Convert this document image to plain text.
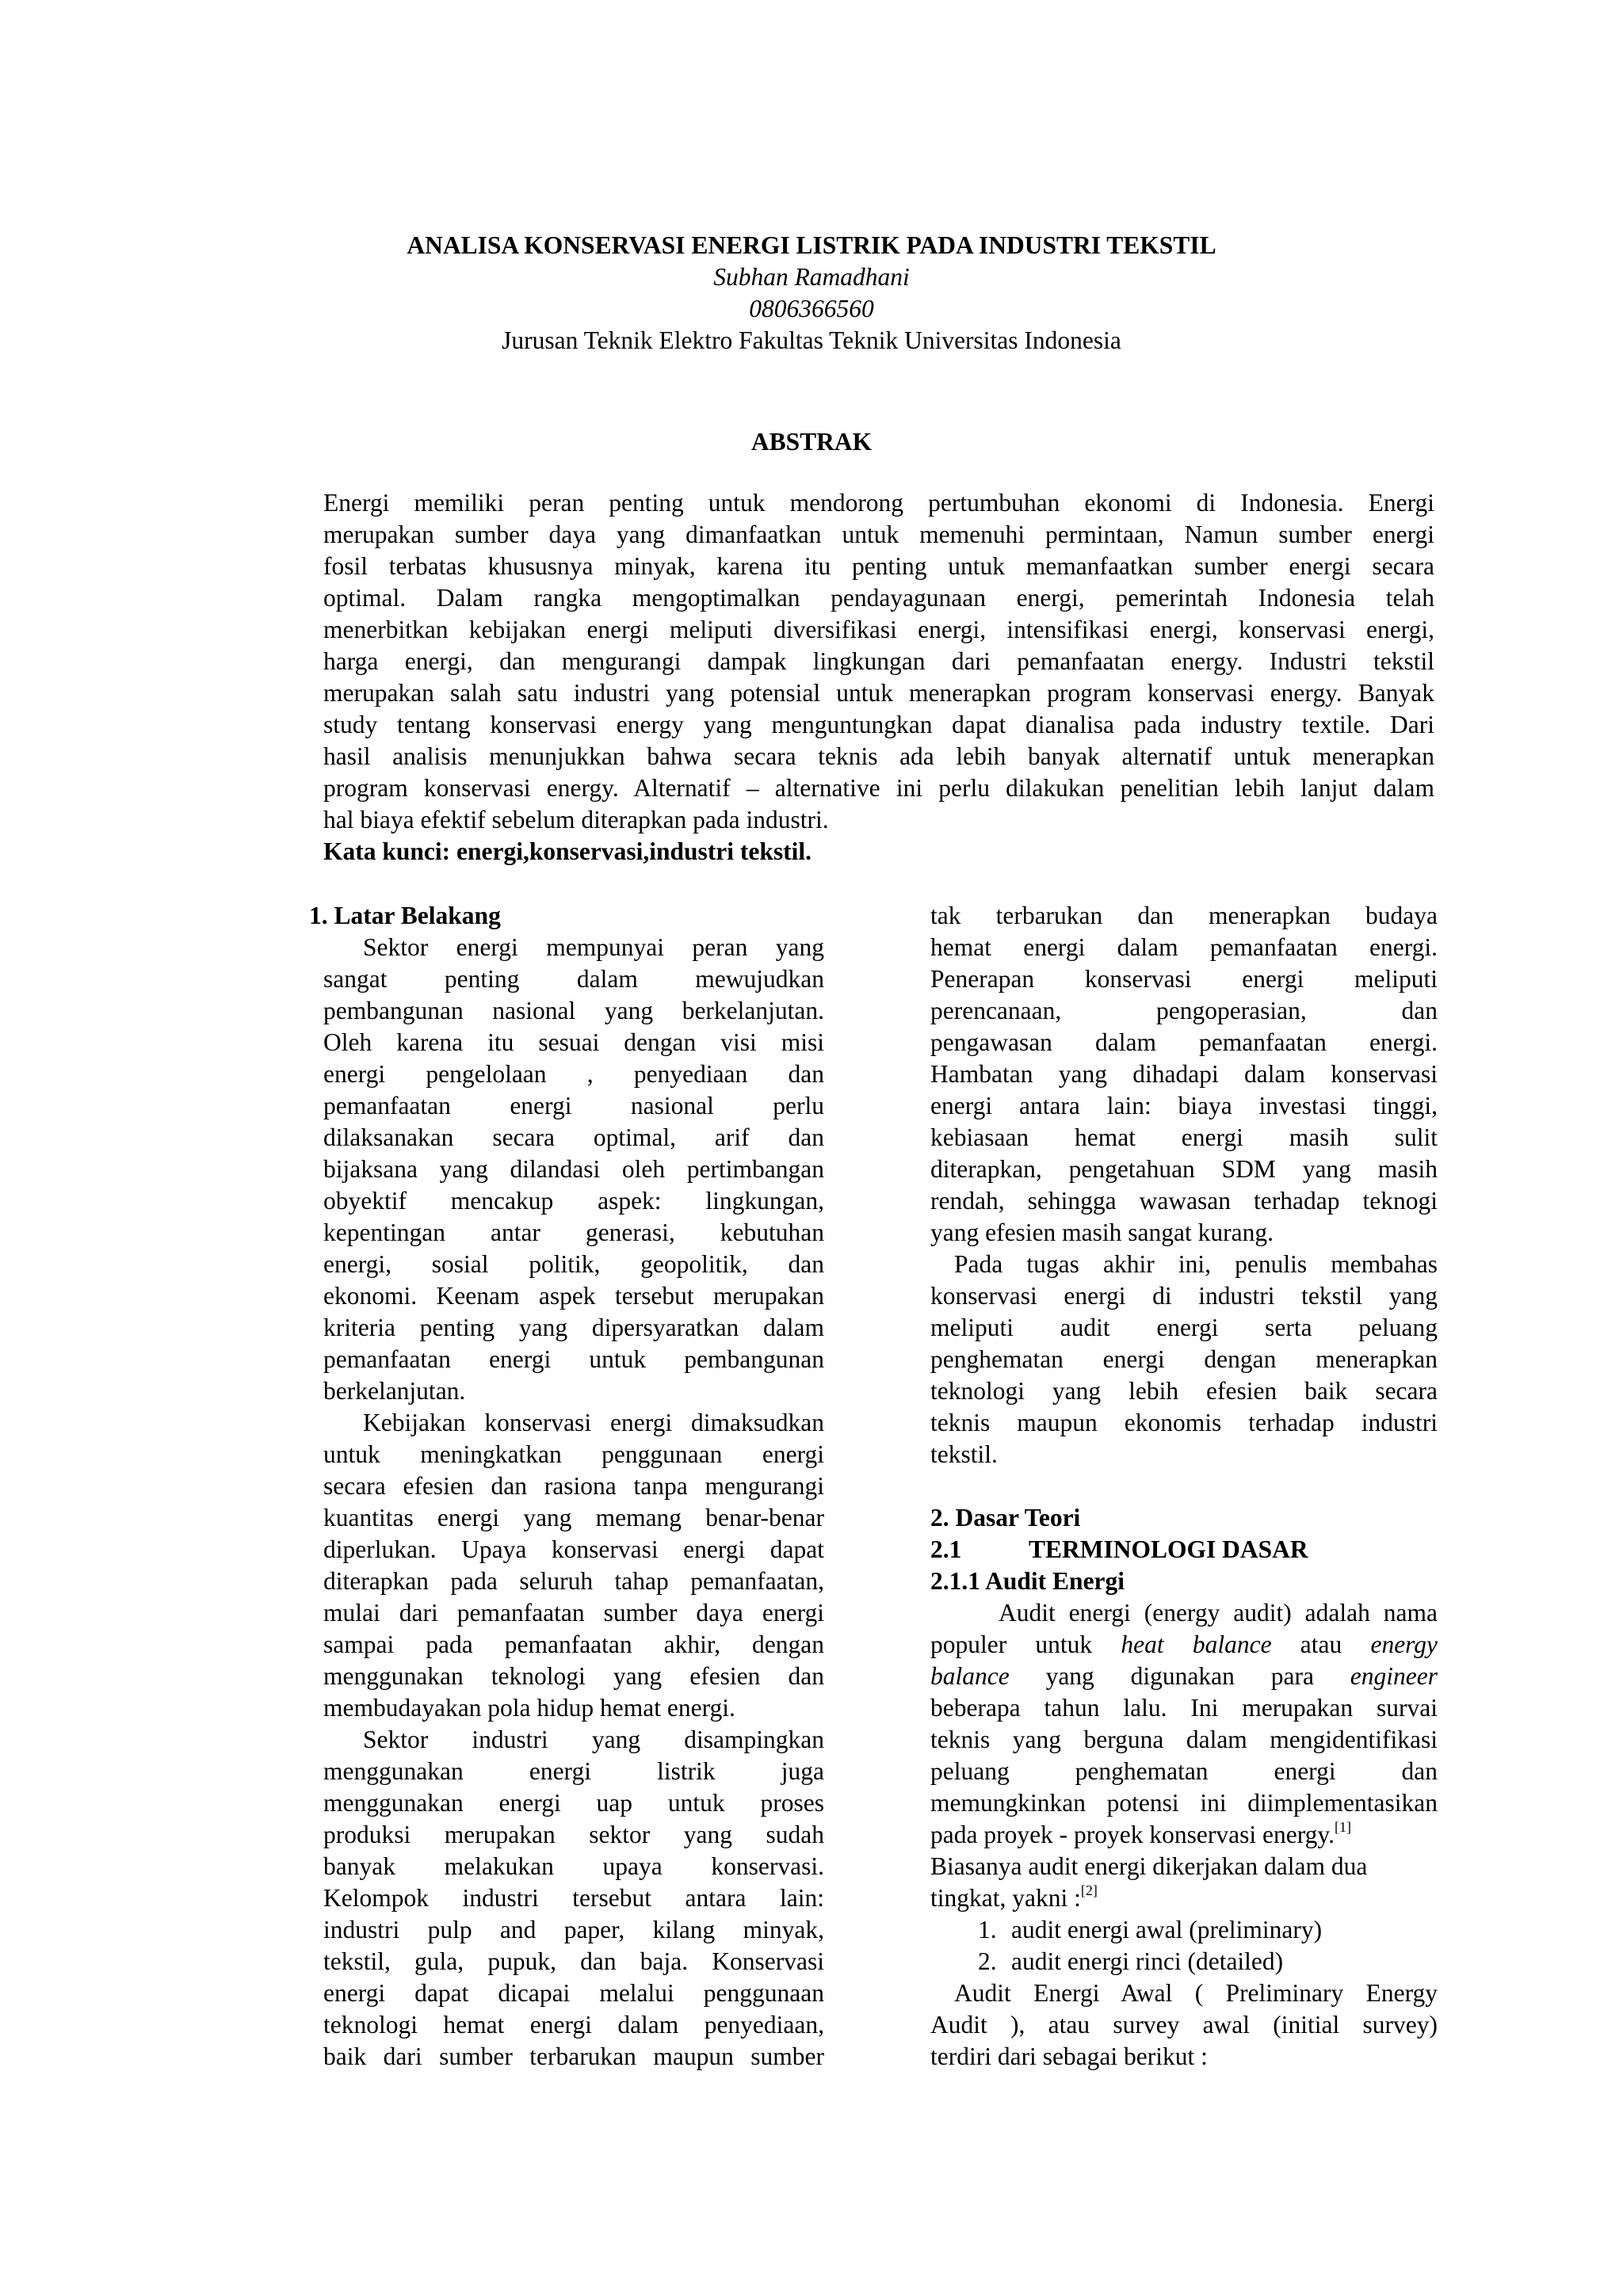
ANALISA KONSERVASI ENERGI LISTRIK PADA INDUSTRI TEKSTIL
Subhan Ramadhani
0806366560
Jurusan Teknik Elektro Fakultas Teknik Universitas Indonesia
ABSTRAK
Energi memiliki peran penting untuk mendorong pertumbuhan ekonomi di Indonesia. Energi
merupakan sumber daya yang dimanfaatkan untuk memenuhi permintaan, Namun sumber energi
fosil terbatas khususnya minyak, karena itu penting untuk memanfaatkan sumber energi secara
optimal. Dalam rangka mengoptimalkan pendayagunaan energi, pemerintah Indonesia telah
menerbitkan kebijakan energi meliputi diversifikasi energi, intensifikasi energi, konservasi energi,
harga energi, dan mengurangi dampak lingkungan dari pemanfaatan energy. Industri tekstil
merupakan salah satu industri yang potensial untuk menerapkan program konservasi energy. Banyak
study tentang konservasi energy yang menguntungkan dapat dianalisa pada industry textile. Dari
hasil analisis menunjukkan bahwa secara teknis ada lebih banyak alternatif untuk menerapkan
program konservasi energy. Alternatif – alternative ini perlu dilakukan penelitian lebih lanjut dalam
hal biaya efektif sebelum diterapkan pada industri.
Kata kunci: energi,konservasi,industri tekstil.
1. Latar Belakang
Sektor energi mempunyai peran yang
sangat penting dalam mewujudkan
pembangunan nasional yang berkelanjutan.
Oleh karena itu sesuai dengan visi misi
energi pengelolaan , penyediaan dan
pemanfaatan energi nasional perlu
dilaksanakan secara optimal, arif dan
bijaksana yang dilandasi oleh pertimbangan
obyektif mencakup aspek: lingkungan,
kepentingan antar generasi, kebutuhan
energi, sosial politik, geopolitik, dan
ekonomi. Keenam aspek tersebut merupakan
kriteria penting yang dipersyaratkan dalam
pemanfaatan energi untuk pembangunan
berkelanjutan.
Kebijakan konservasi energi dimaksudkan
untuk meningkatkan penggunaan energi
secara efesien dan rasiona tanpa mengurangi
kuantitas energi yang memang benar-benar
diperlukan. Upaya konservasi energi dapat
diterapkan pada seluruh tahap pemanfaatan,
mulai dari pemanfaatan sumber daya energi
sampai pada pemanfaatan akhir, dengan
menggunakan teknologi yang efesien dan
membudayakan pola hidup hemat energi.
Sektor industri yang disampingkan
menggunakan energi listrik juga
menggunakan energi uap untuk proses
produksi merupakan sektor yang sudah
banyak melakukan upaya konservasi.
Kelompok industri tersebut antara lain:
industri pulp and paper, kilang minyak,
tekstil, gula, pupuk, dan baja. Konservasi
energi dapat dicapai melalui penggunaan
teknologi hemat energi dalam penyediaan,
baik dari sumber terbarukan maupun sumber
tak terbarukan dan menerapkan budaya
hemat energi dalam pemanfaatan energi.
Penerapan konservasi energi meliputi
perencanaan, pengoperasian, dan
pengawasan dalam pemanfaatan energi.
Hambatan yang dihadapi dalam konservasi
energi antara lain: biaya investasi tinggi,
kebiasaan hemat energi masih sulit
diterapkan, pengetahuan SDM yang masih
rendah, sehingga wawasan terhadap teknogi
yang efesien masih sangat kurang.
Pada tugas akhir ini, penulis membahas
konservasi energi di industri tekstil yang
meliputi audit energi serta peluang
penghematan energi dengan menerapkan
teknologi yang lebih efesien baik secara
teknis maupun ekonomis terhadap industri
tekstil.
2. Dasar Teori
2.1	TERMINOLOGI DASAR
2.1.1 Audit Energi
Audit energi (energy audit) adalah nama
populer untuk heat balance atau energy
balance yang digunakan para engineer
beberapa tahun lalu. Ini merupakan survai
teknis yang berguna dalam mengidentifikasi
peluang penghematan energi dan
memungkinkan potensi ini diimplementasikan
pada proyek - proyek konservasi energy.[1]
Biasanya audit energi dikerjakan dalam dua
tingkat, yakni :[2]
1. audit energi awal (preliminary)
2. audit energi rinci (detailed)
Audit Energi Awal ( Preliminary Energy
Audit ), atau survey awal (initial survey)
terdiri dari sebagai berikut :
